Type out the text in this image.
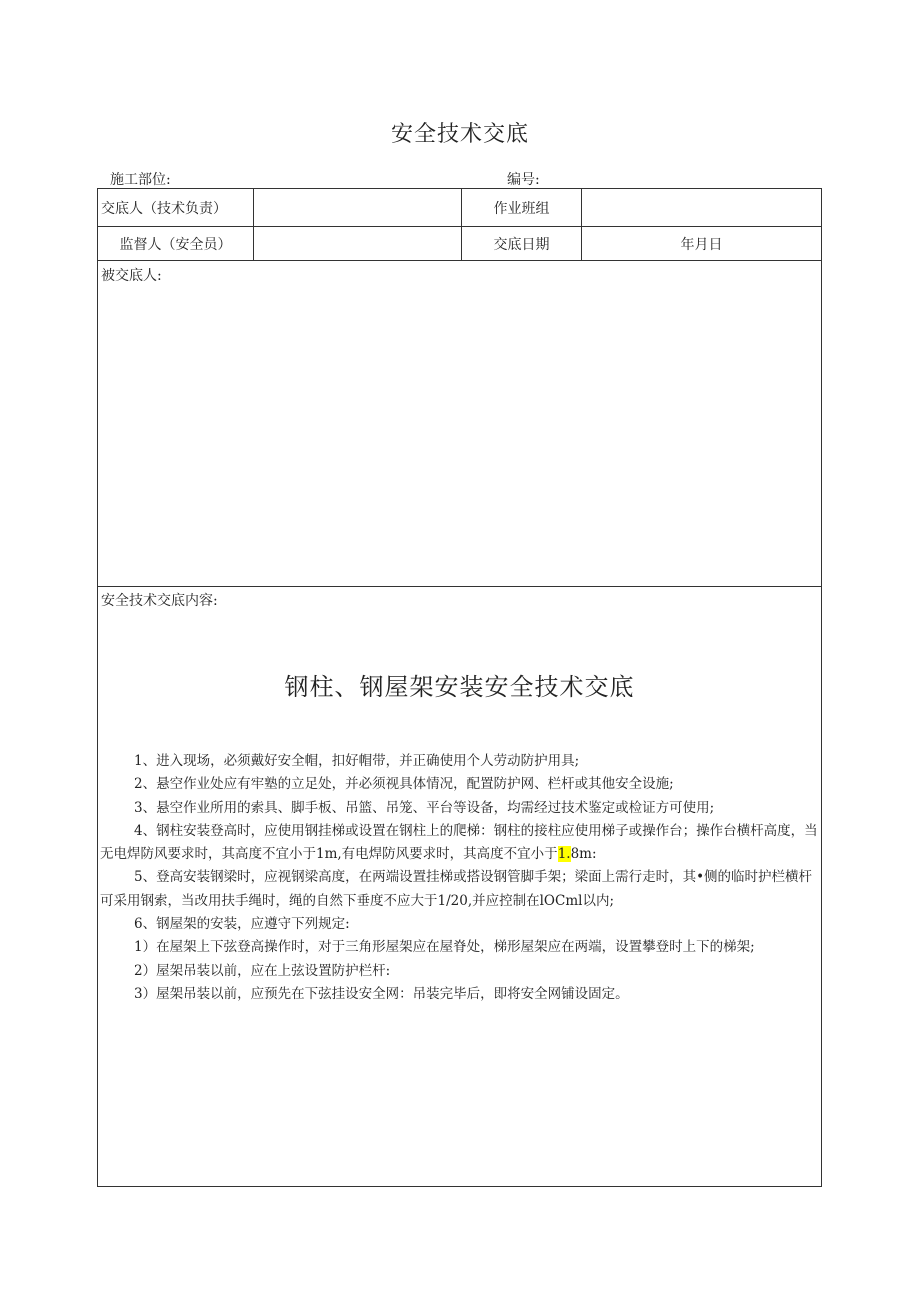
安全技术交底
施工部位:	编号:
交底人（技术负责）	作业班组
监督人（安全员）	交底日期	年月日
被交底人:
安全技术交底内容:
钢柱、钢屋架安装安全技术交底

1、进入现场，必须戴好安全帽，扣好帽带，并正确使用个人劳动防护用具;

2、悬空作业处应有牢塾的立足处，并必须视具体情况，配置防护网、栏杆或其他安全设施;

3、悬空作业所用的索具、脚手板、吊篮、吊笼、平台等设备，均需经过技术鉴定或检证方可使用;

4、钢柱安装登高时，应使用钢挂梯或设置在钢柱上的爬梯：钢柱的接柱应使用梯子或操作台；操作台横杆高度，当无电焊防风要求时，其高度不宜小于1m,有电焊防风要求时，其高度不宜小于1.8m:

5、登高安装钢梁时，应视钢梁高度，在两端设置挂梯或搭设钢管脚手架；梁面上需行走时，其•侧的临时护栏横杆可采用钢索，当改用扶手绳时，绳的自然下垂度不应大于1/20,并应控制在lOCml以内;

6、钢屋架的安装，应遵守下列规定:

1）在屋架上下弦登高操作时，对于三角形屋架应在屋脊处，梯形屋架应在两端，设置攀登时上下的梯架;

2）屋架吊装以前，应在上弦设置防护栏杆:

3）屋架吊装以前，应预先在下弦挂设安全网：吊装完毕后，即将安全网铺设固定。
